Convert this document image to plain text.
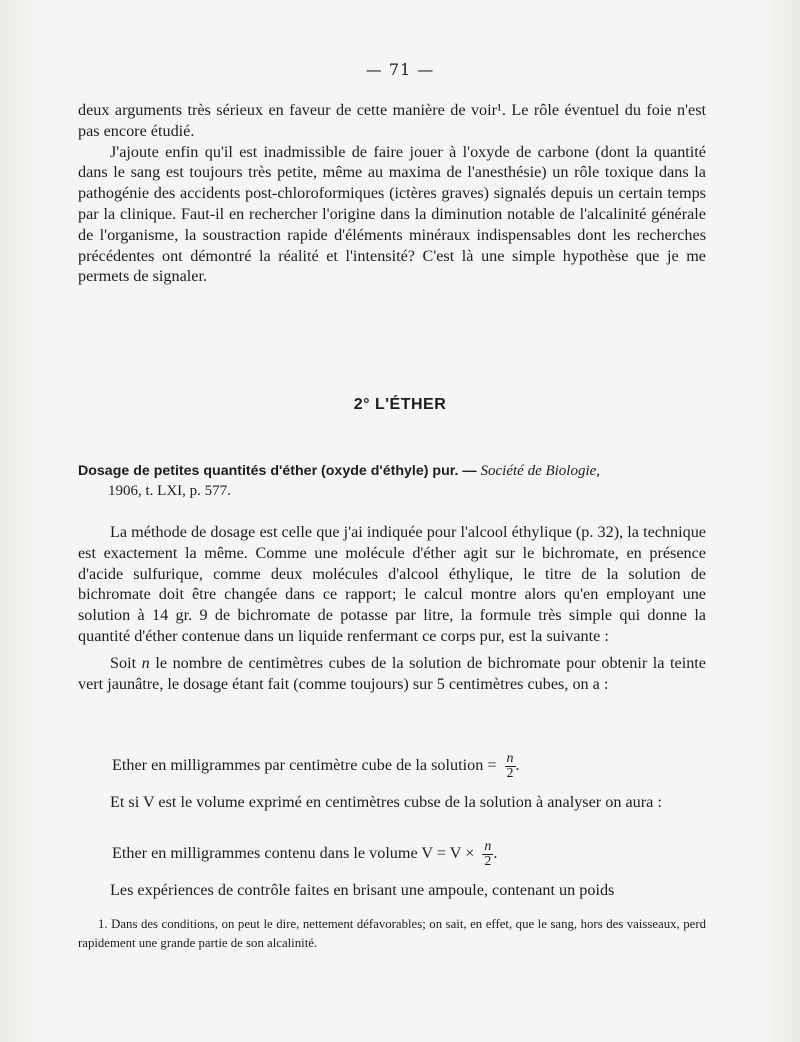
— 71 —

deux arguments très sérieux en faveur de cette manière de voir¹. Le rôle éventuel du foie n'est pas encore étudié.

J'ajoute enfin qu'il est inadmissible de faire jouer à l'oxyde de carbone (dont la quantité dans le sang est toujours très petite, même au maxima de l'anesthésie) un rôle toxique dans la pathogénie des accidents post-chloroformiques (ictères graves) signalés depuis un certain temps par la clinique. Faut-il en rechercher l'origine dans la diminution notable de l'alcalinité générale de l'organisme, la soustraction rapide d'éléments minéraux indispensables dont les recherches précédentes ont démontré la réalité et l'intensité? C'est là une simple hypothèse que je me permets de signaler.

2° L'ÉTHER
Dosage de petites quantités d'éther (oxyde d'éthyle) pur. — Société de Biologie,
1906, t. LXI, p. 577.

La méthode de dosage est celle que j'ai indiquée pour l'alcool éthylique (p. 32), la technique est exactement la même. Comme une molécule d'éther agit sur le bichromate, en présence d'acide sulfurique, comme deux molécules d'alcool éthylique, le titre de la solution de bichromate doit être changée dans ce rapport; le calcul montre alors qu'en employant une solution à 14 gr. 9 de bichromate de potasse par litre, la formule très simple qui donne la quantité d'éther contenue dans un liquide renfermant ce corps pur, est la suivante :

Soit n le nombre de centimètres cubes de la solution de bichromate pour obtenir la teinte vert jaunâtre, le dosage étant fait (comme toujours) sur 5 centimètres cubes, on a :

Ether en milligrammes par centimètre cube de la solution = $\frac{n}{2}$ .

Et si V est le volume exprimé en centimètres cubse de la solution à analyser on aura :

Ether en milligrammes contenu dans le volume $V = V \times \frac{n}{2}$ .

Les expériences de contrôle faites en brisant une ampoule, contenant un poids

1. Dans des conditions, on peut le dire, nettement défavorables; on sait, en effet, que le sang, hors des vaisseaux, perd rapidement une grande partie de son alcalinité.
